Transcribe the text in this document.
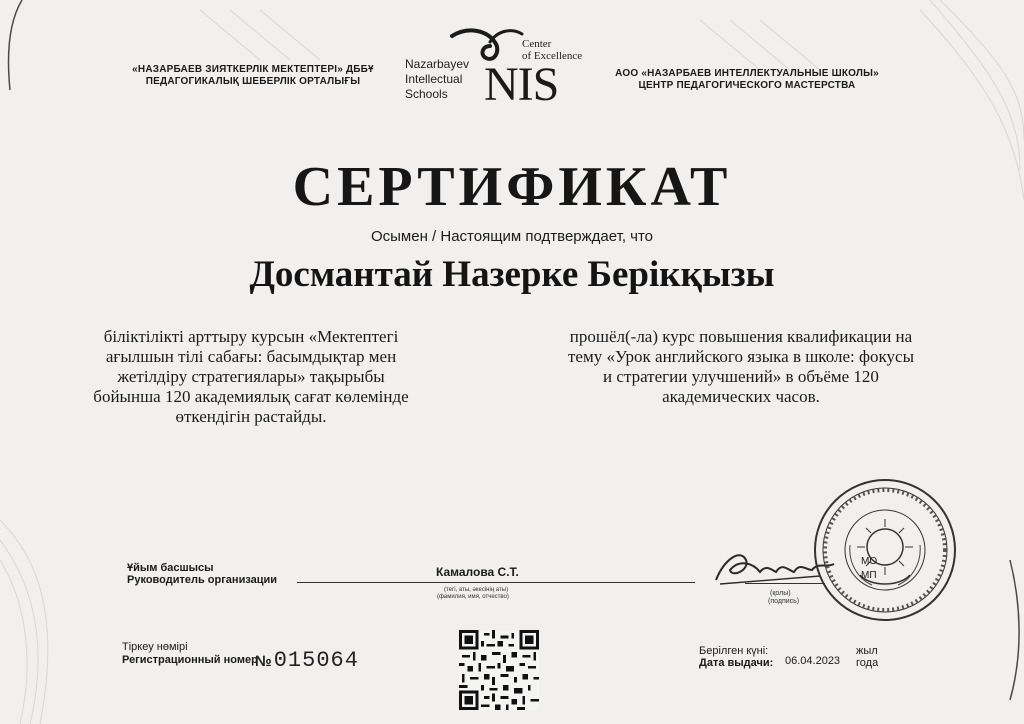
«НАЗАРБАЕВ ЗИЯТКЕРЛІК МЕКТЕПТЕРІ» ДББҰ ПЕДАГОГИКАЛЫҚ ШЕБЕРЛІК ОРТАЛЫҒЫ
АОО «НАЗАРБАЕВ ИНТЕЛЛЕКТУАЛЬНЫЕ ШКОЛЫ» ЦЕНТР ПЕДАГОГИЧЕСКОГО МАСТЕРСТВА
Nazarbayev
Intellectual
Schools NIS
Center
of Excellence
СЕРТИФИКАТ
Осымен / Настоящим подтверждает, что
Досмантай Назерке Берікқызы
біліктілікті арттыру курсын «Мектептегі ағылшын тілі сабағы: басымдықтар мен жетілдіру стратегиялары» тақырыбы бойынша 120 академиялық сағат көлемінде өткендігін растайды.
прошёл(-ла) курс повышения квалификации на тему «Урок английского языка в школе: фокусы и стратегии улучшений» в объёме 120 академических часов.
Ұйым басшысы
Руководитель организации
Камалова С.Т.
(тегі, аты, әкесінің аты)
(фамилия, имя, отчество)	(қолы)
(подпись)
МО
МП
Тіркеу нөмірі
Регистрационный номер
№015064	Берілген күні:
Дата выдачи: 06.04.2023
жыл
года
